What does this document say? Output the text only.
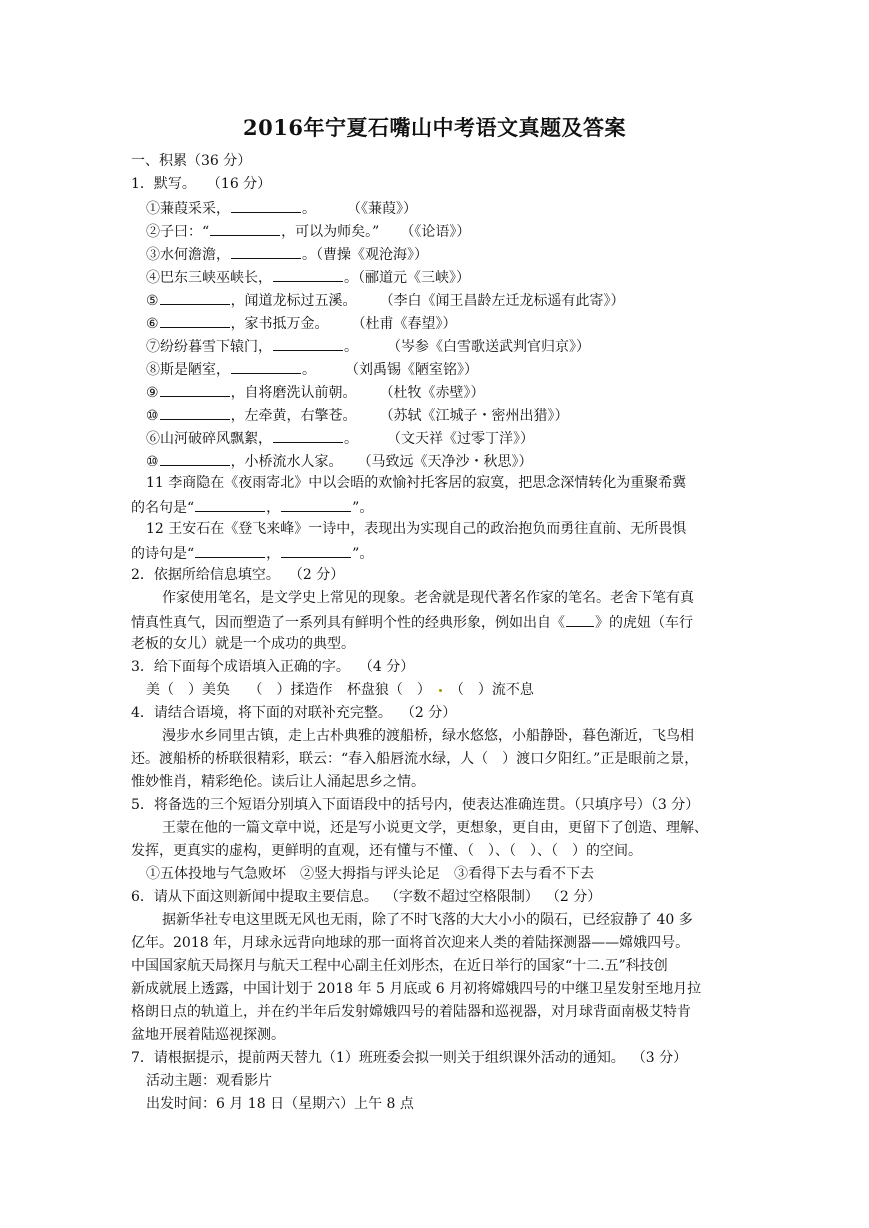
2016年宁夏石嘴山中考语文真题及答案
一、积累（36 分）
1．默写。 （16 分）
①蒹葭采采，	。	（《蒹葭》）
②子曰：“	，可以为师矣。” （《论语》）
③水何澹澹，	。（曹操《观沧海》）
④巴东三峡巫峡长，	。（郦道元《三峡》）
⑤	，闻道龙标过五溪。 （李白《闻王昌龄左迁龙标遥有此寄》）
⑥	，家书抵万金。 （杜甫《春望》）
⑦纷纷暮雪下辕门，	。	（岑参《白雪歌送武判官归京》）
⑧斯是陋室，	。	（刘禹锡《陋室铭》）
⑨	，自将磨洗认前朝。 （杜牧《赤壁》）
⑩	，左牵黄，右擎苍。 （苏轼《江城子・密州出猎》）
⑥山河破碎风飘絮，	。	（文天祥《过零丁洋》）
⑩	，小桥流水人家。 （马致远《天净沙・秋思》）
11 李商隐在《夜雨寄北》中以会晤的欢愉衬托客居的寂寞，把思念深情转化为重聚希冀
的名句是“	，	”。
12 王安石在《登飞来峰》一诗中，表现出为实现自己的政治抱负而勇往直前、无所畏惧
的诗句是“	，	”。
2．依据所给信息填空。 （2 分）
作家使用笔名，是文学史上常见的现象。老舍就是现代著名作家的笔名。老舍下笔有真
情真性真气，因而塑造了一系列具有鲜明个性的经典形象，例如出自《 》的虎妞（车行
老板的女儿）就是一个成功的典型。
3．给下面每个成语填入正确的字。 （4 分）
美（　）美奂 （　）揉造作 杯盘狼（　） （　）流不息
4．请结合语境，将下面的对联补充完整。 （2 分）
漫步水乡同里古镇，走上古朴典雅的渡船桥，绿水悠悠，小船静卧，暮色渐近，飞鸟相
还。渡船桥的桥联很精彩，联云：“春入船唇流水绿，人（　）渡口夕阳红。”正是眼前之景，
惟妙惟肖，精彩绝伦。读后让人涌起思乡之情。
5．将备选的三个短语分别填入下面语段中的括号内，使表达准确连贯。（只填序号）（3 分）
王蒙在他的一篇文章中说，还是写小说更文学，更想象，更自由，更留下了创造、理解、
发挥，更真实的虚构，更鲜明的直观，还有懂与不懂、（　）、（　）、（　）的空间。
①五体投地与气急败坏　②竖大拇指与评头论足　③看得下去与看不下去
6．请从下面这则新闻中提取主要信息。 （字数不超过空格限制） （2 分）
据新华社专电这里既无风也无雨，除了不时飞落的大大小小的陨石，已经寂静了 40 多
亿年。2018 年，月球永远背向地球的那一面将首次迎来人类的着陆探测器——嫦娥四号。
中国国家航天局探月与航天工程中心副主任刘彤杰，在近日举行的国家“十二.五”科技创
新成就展上透露，中国计划于 2018 年 5 月底或 6 月初将嫦娥四号的中继卫星发射至地月拉
格朗日点的轨道上，并在约半年后发射嫦娥四号的着陆器和巡视器，对月球背面南极艾特肯
盆地开展着陆巡视探测。
7．请根据提示，提前两天替九（1）班班委会拟一则关于组织课外活动的通知。 （3 分）
活动主题：观看影片
出发时间：6 月 18 日（星期六）上午 8 点
